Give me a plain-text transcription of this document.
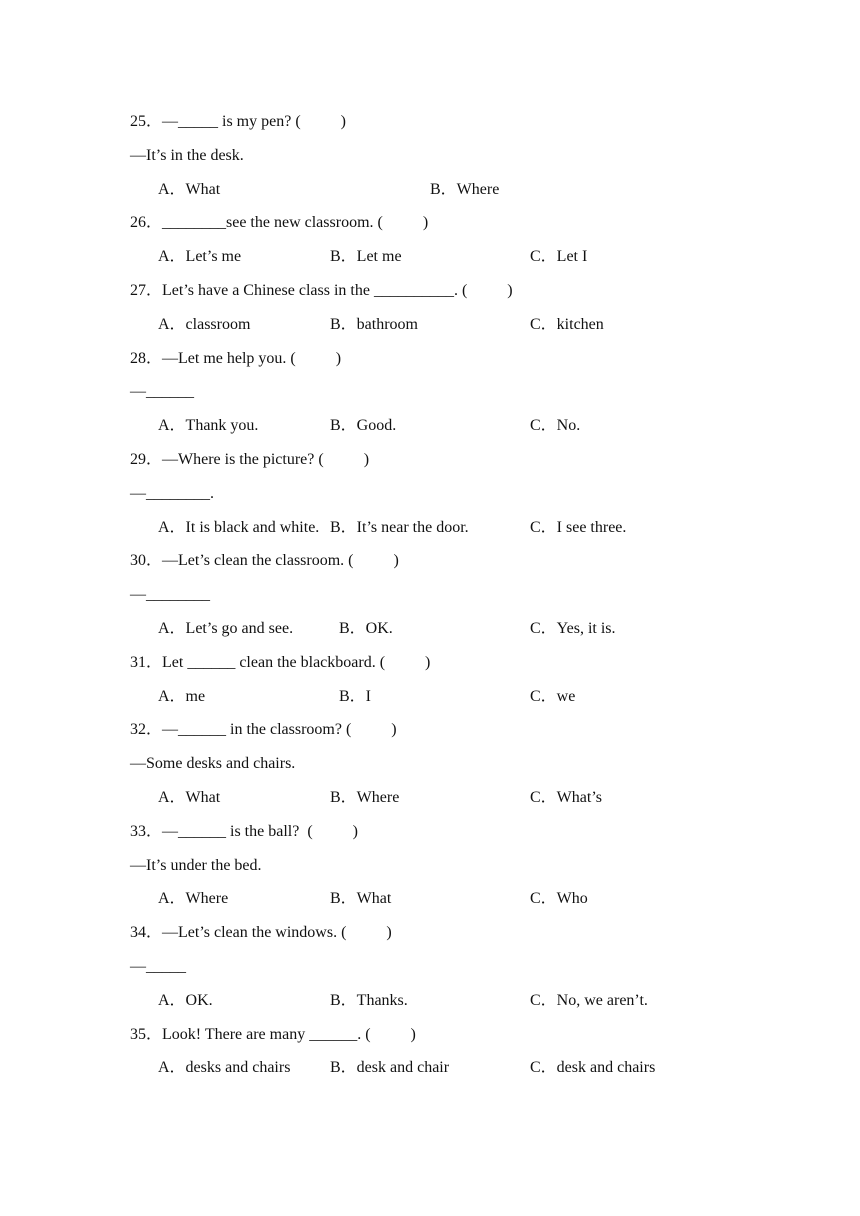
25．—_____ is my pen? (          )
—It’s in the desk.
A．What	B．Where
26．________see the new classroom. (          )
A．Let’s me	B．Let me	C．Let I
27．Let’s have a Chinese class in the __________. (          )
A．classroom	B．bathroom	C．kitchen
28．—Let me help you. (          )
—______
A．Thank you.	B．Good.	C．No.
29．—Where is the picture? (          )
—________.
A．It is black and white. B．It’s near the door.	C．I see three.
30．—Let’s clean the classroom. (          )
—________
A．Let’s go and see.	B．OK.	C．Yes, it is.
31．Let ______ clean the blackboard. (          )
A．me	B．I	C．we
32．—______ in the classroom? (          )
—Some desks and chairs.
A．What	B．Where	C．What’s
33．—______ is the ball?  (          )
—It’s under the bed.
A．Where	B．What	C．Who
34．—Let’s clean the windows. (          )
—_____
A．OK.	B．Thanks.	C．No, we aren’t.
35．Look! There are many ______. (          )
A．desks and chairs B．desk and chair	C．desk and chairs
